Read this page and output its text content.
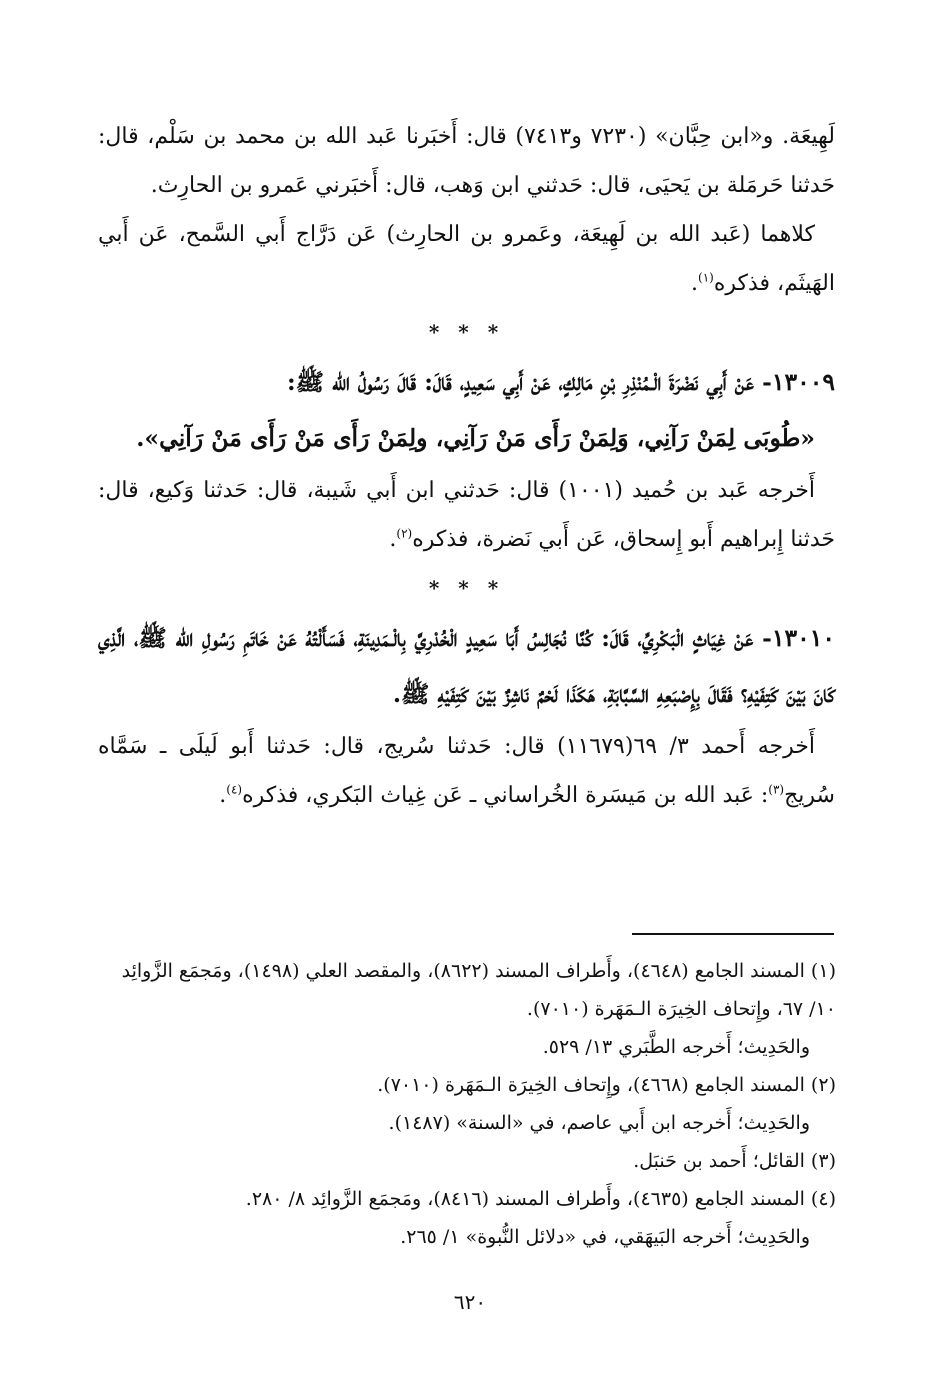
لَهِيعَة. و«ابن حِبَّان» (٧٢٣٠ و٧٤١٣) قال: أَخبَرنا عَبد الله بن محمد بن سَلْم، قال: حَدثنا حَرمَلة بن يَحيَى، قال: حَدثني ابن وَهب، قال: أَخبَرني عَمرو بن الحارِث.

كلاهما (عَبد الله بن لَهِيعَة، وعَمرو بن الحارِث) عَن دَرَّاج أَبي السَّمح، عَن أَبي الهَيثَم، فذكره$^{(١)}$.

* * *

١٣٠٠٩- عَنْ أَبِي نَضْرَةَ الْـمُنْذِرِ بْنِ مَالِكٍ، عَنْ أَبِي سَعِيدٍ، قَالَ: قَالَ رَسُولُ الله ﷺ:

«طُوبَى لِمَنْ رَآنِي، وَلِمَنْ رَأَى مَنْ رَآنِي، ولِمَنْ رَأَى مَنْ رَأَى مَنْ رَآنِي».

أَخرجه عَبد بن حُميد (١٠٠١) قال: حَدثني ابن أَبي شَيبة، قال: حَدثنا وَكيع، قال: حَدثنا إِبراهيم أَبو إِسحاق، عَن أَبي نَضرة، فذكره$^{(٢)}$.

* * *

١٣٠١٠- عَنْ غِيَاثٍ الْبَكْرِيِّ، قَالَ: كُنَّا نُجَالِسُ أَبَا سَعِيدٍ الْخُدْرِيَّ بِالْـمَدِينَةِ، فَسَأَلْتُهُ عَنْ خَاتَمِ رَسُولِ الله ﷺ، الَّذِي كَانَ بَيْنَ كَتِفَيْهِ؟ فَقَالَ بِإِصْبَعِهِ السَّبَّابَةِ، هَكَذَا لَحْمٌ نَاشِزٌ بَيْنَ كَتِفَيْهِ ﷺ.

أَخرجه أَحمد ٣/ ٦٩(١١٦٧٩) قال: حَدثنا سُريج، قال: حَدثنا أَبو لَيلَى ـ سَمَّاه سُريج$^{(٣)}$: عَبد الله بن مَيسَرة الخُراساني ـ عَن غِياث البَكري، فذكره$^{(٤)}$.

(١) المسند الجامع (٤٦٤٨)، وأَطراف المسند (٨٦٢٢)، والمقصد العلي (١٤٩٨)، ومَجمَع الزَّوائِد ١٠/ ٦٧، وإِتحاف الخِيرَة الـمَهَرة (٧٠١٠).

والحَدِيث؛ أَخرجه الطَّبَري ١٣/ ٥٢٩.

(٢) المسند الجامع (٤٦٦٨)، وإِتحاف الخِيرَة الـمَهَرة (٧٠١٠).

والحَدِيث؛ أَخرجه ابن أَبي عاصم، في «السنة» (١٤٨٧).

(٣) القائل؛ أَحمد بن حَنبَل.

(٤) المسند الجامع (٤٦٣٥)، وأَطراف المسند (٨٤١٦)، ومَجمَع الزَّوائِد ٨/ ٢٨٠.

والحَدِيث؛ أَخرجه البَيهَقي، في «دلائل النُّبوة» ١/ ٢٦٥.

٦٢٠
